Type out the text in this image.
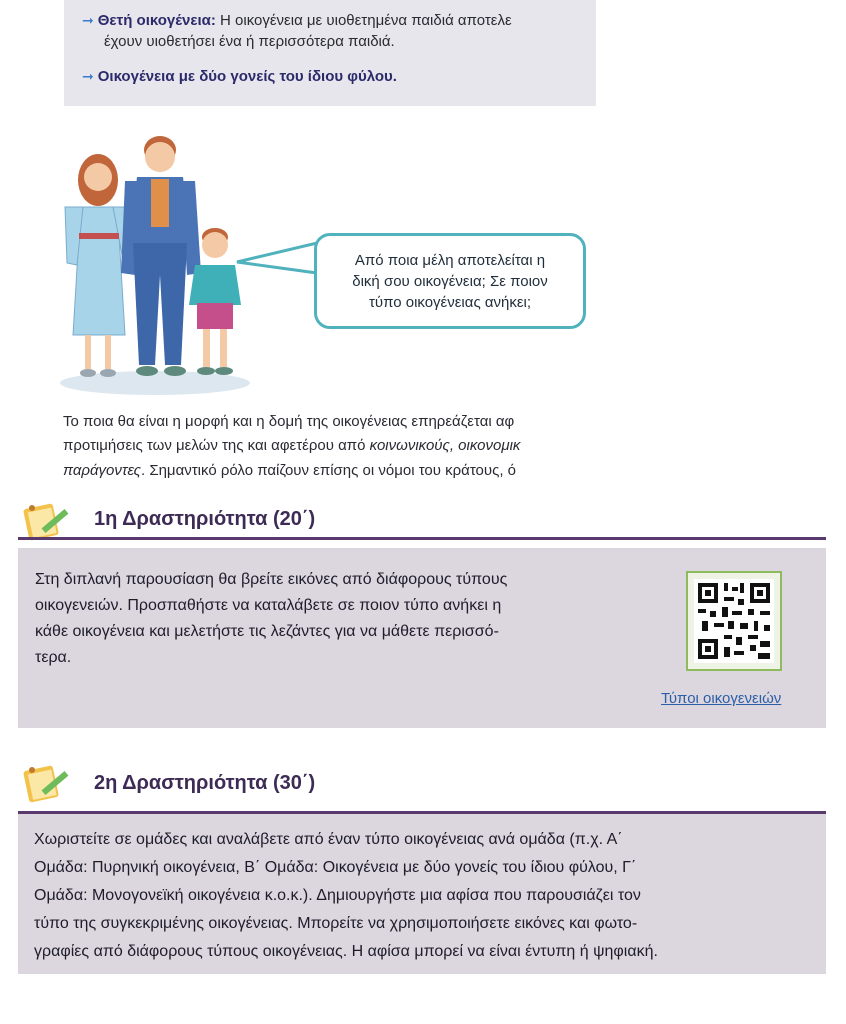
➞ Θετή οικογένεια: Η οικογένεια με υιοθετημένα παιδιά αποτελε
έχουν υιοθετήσει ένα ή περισσότερα παιδιά.
➞ Οικογένεια με δύο γονείς του ίδιου φύλου.
Από ποια μέλη αποτελείται η
δική σου οικογένεια; Σε ποιον
τύπο οικογένειας ανήκει;
Το ποια θα είναι η μορφή και η δομή της οικογένειας επηρεάζεται αφ
προτιμήσεις των μελών της και αφετέρου από κοινωνικούς, οικονομικ
παράγοντες. Σημαντικό ρόλο παίζουν επίσης οι νόμοι του κράτους, ό
1η Δραστηριότητα (20΄)
Στη διπλανή παρουσίαση θα βρείτε εικόνες από διάφορους τύπους
οικογενειών. Προσπαθήστε να καταλάβετε σε ποιον τύπο ανήκει η
κάθε οικογένεια και μελετήστε τις λεζάντες για να μάθετε περισσό-
τερα.
Τύποι οικογενειών
2η Δραστηριότητα (30΄)
Χωριστείτε σε ομάδες και αναλάβετε από έναν τύπο οικογένειας ανά ομάδα (π.χ. Α΄
Ομάδα: Πυρηνική οικογένεια, Β΄ Ομάδα: Οικογένεια με δύο γονείς του ίδιου φύλου, Γ΄
Ομάδα: Μονογονεϊκή οικογένεια κ.ο.κ.). Δημιουργήστε μια αφίσα που παρουσιάζει τον
τύπο της συγκεκριμένης οικογένειας. Μπορείτε να χρησιμοποιήσετε εικόνες και φωτο-
γραφίες από διάφορους τύπους οικογένειας. Η αφίσα μπορεί να είναι έντυπη ή ψηφιακή.
